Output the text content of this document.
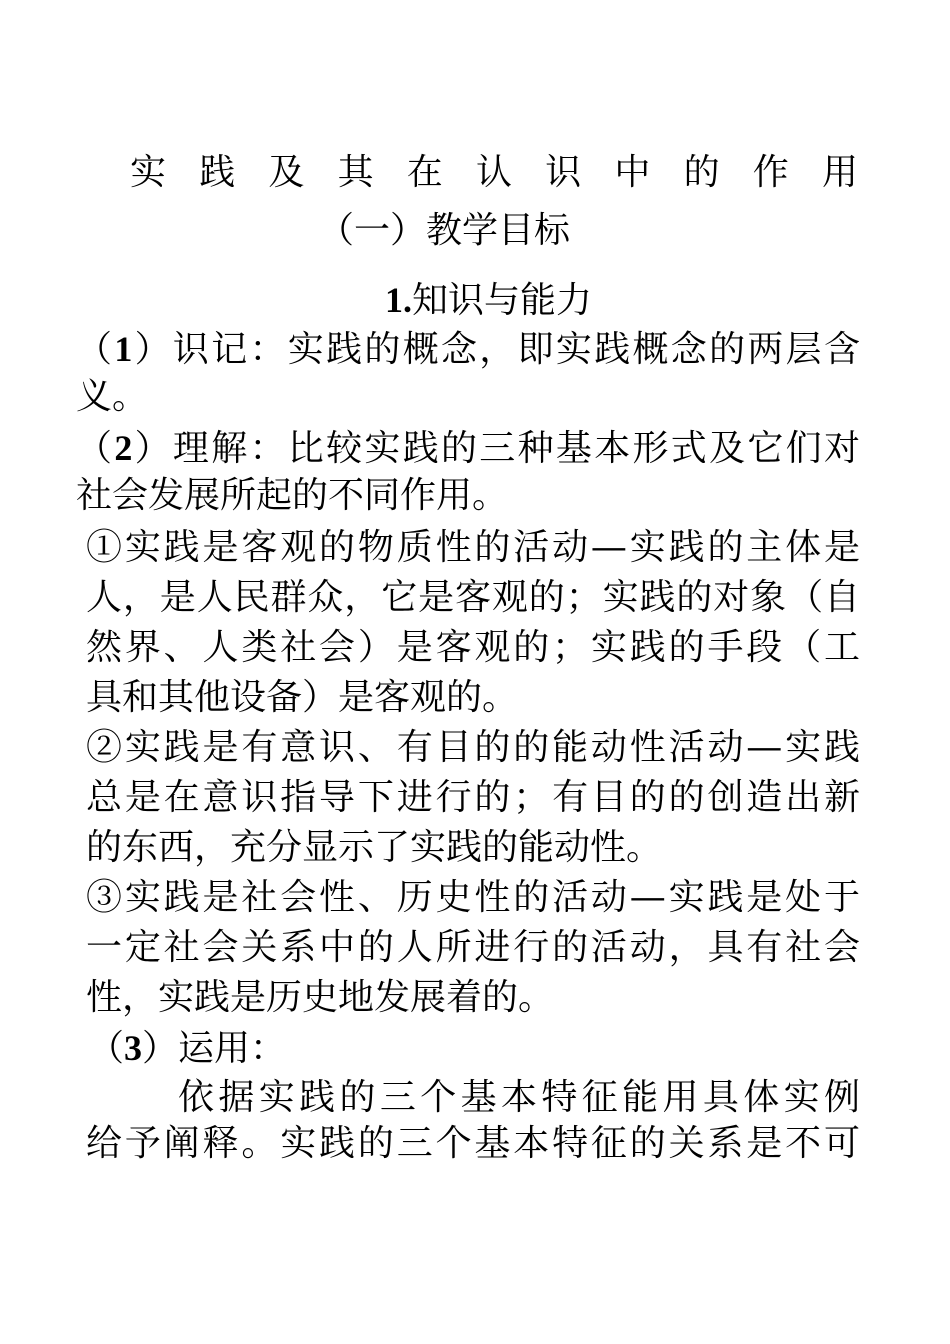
实 践 及 其 在 认 识 中 的 作 用
（一）教学目标
1.知识与能力
（1）识记：实践的概念，即实践概念的两层含
义。
（2）理解：比较实践的三种基本形式及它们对
社会发展所起的不同作用。
①实践是客观的物质性的活动—实践的主体是
人，是人民群众，它是客观的；实践的对象（自
然界、人类社会）是客观的；实践的手段（工
具和其他设备）是客观的。
②实践是有意识、有目的的能动性活动—实践
总是在意识指导下进行的；有目的的创造出新
的东西，充分显示了实践的能动性。
③实践是社会性、历史性的活动—实践是处于
一定社会关系中的人所进行的活动，具有社会
性，实践是历史地发展着的。
（3）运用：
依据实践的三个基本特征能用具体实例
给予阐释。实践的三个基本特征的关系是不可
